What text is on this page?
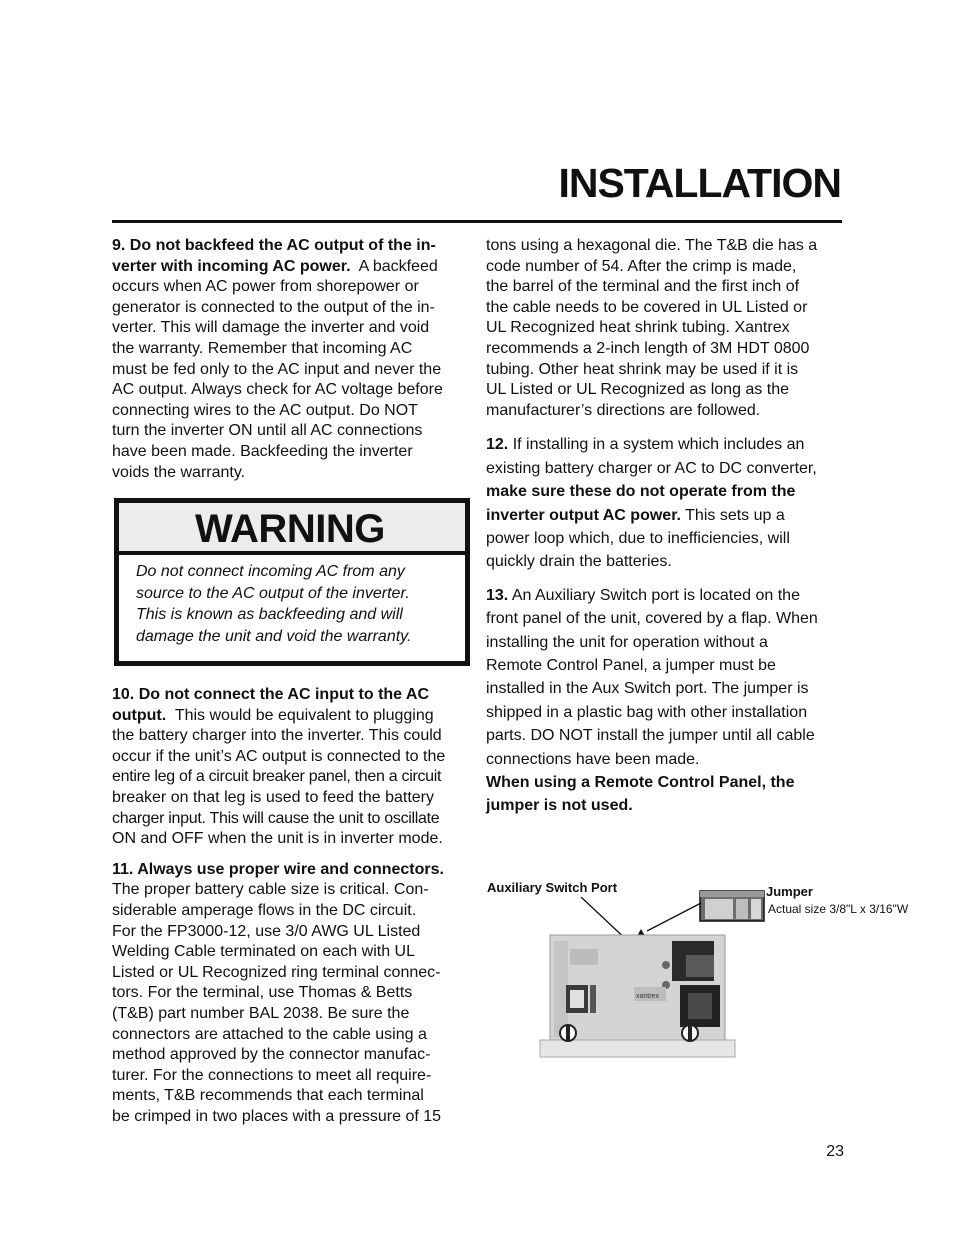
INSTALLATION

9. Do not backfeed the AC output of the in-

verter with incoming AC power. A backfeed

occurs when AC power from shorepower or

generator is connected to the output of the in-

verter. This will damage the inverter and void

the warranty. Remember that incoming AC

must be fed only to the AC input and never the

AC output. Always check for AC voltage before

connecting wires to the AC output. Do NOT

turn the inverter ON until all AC connections

have been made. Backfeeding the inverter

voids the warranty.

WARNING
Do not connect incoming AC from any
source to the AC output of the inverter.
This is known as backfeeding and will
damage the unit and void the warranty.

10. Do not connect the AC input to the AC

output. This would be equivalent to plugging

the battery charger into the inverter. This could

occur if the unit’s AC output is connected to the

entire leg of a circuit breaker panel, then a circuit

breaker on that leg is used to feed the battery

charger input. This will cause the unit to oscillate

ON and OFF when the unit is in inverter mode.

11. Always use proper wire and connectors.

The proper battery cable size is critical. Con-

siderable amperage flows in the DC circuit.

For the FP3000-12, use 3/0 AWG UL Listed

Welding Cable terminated on each with UL

Listed or UL Recognized ring terminal connec-

tors. For the terminal, use Thomas & Betts

(T&B) part number BAL 2038. Be sure the

connectors are attached to the cable using a

method approved by the connector manufac-

turer. For the connections to meet all require-

ments, T&B recommends that each terminal

be crimped in two places with a pressure of 15

tons using a hexagonal die. The T&B die has a

code number of 54. After the crimp is made,

the barrel of the terminal and the first inch of

the cable needs to be covered in UL Listed or

UL Recognized heat shrink tubing. Xantrex

recommends a 2-inch length of 3M HDT 0800

tubing. Other heat shrink may be used if it is

UL Listed or UL Recognized as long as the

manufacturer’s directions are followed.

12. If installing in a system which includes an

existing battery charger or AC to DC converter,

make sure these do not operate from the

inverter output AC power. This sets up a

power loop which, due to inefficiencies, will

quickly drain the batteries.

13. An Auxiliary Switch port is located on the

front panel of the unit, covered by a flap. When

installing the unit for operation without a

Remote Control Panel, a jumper must be

installed in the Aux Switch port. The jumper is

shipped in a plastic bag with other installation

parts. DO NOT install the jumper until all cable

connections have been made.

When using a Remote Control Panel, the

jumper is not used.

Auxiliary Switch Port	Jumper
Actual size 3/8"L x 3/16"W
xantrex
23
